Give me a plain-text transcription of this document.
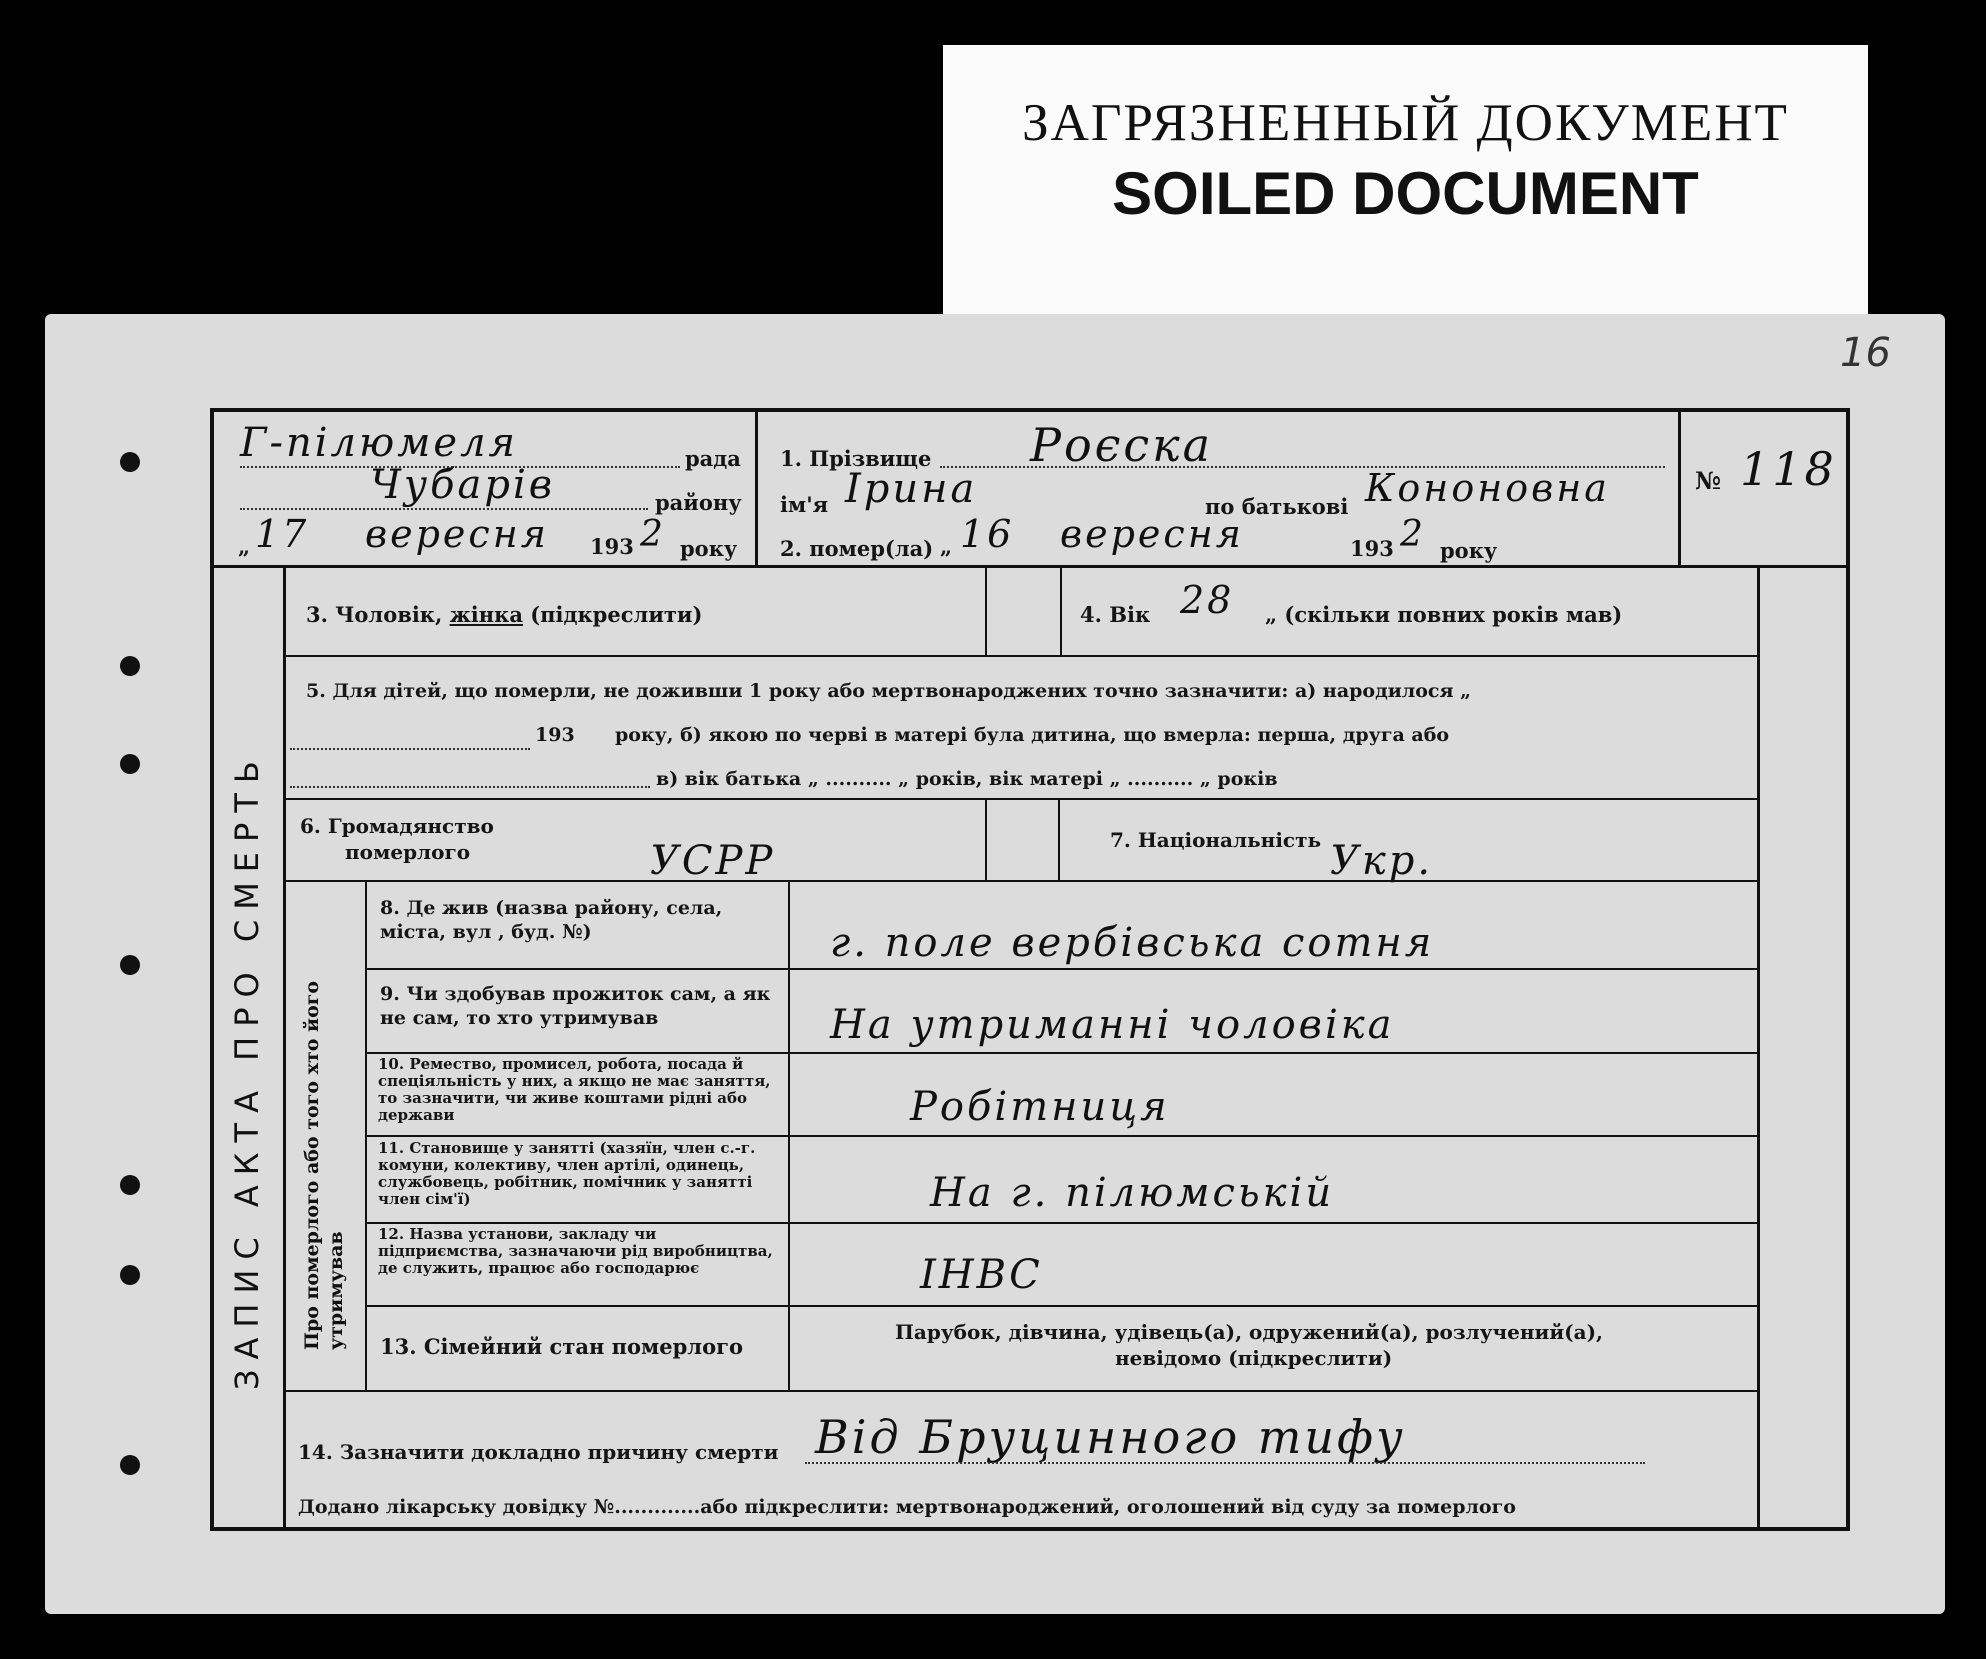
ЗАГРЯЗНЕННЫЙ ДОКУМЕНТ
SOILED DOCUMENT
16
ЗАПИС АКТА ПРО СМЕРТЬ Про померлого або того хто його утримував
Г-пілюмеля	рада
Чубарів	району
„ 17 вересня 193 2 року
1. Прізвище Роєска
ім'я Ірина	по батькові Кононовна
2. помер(ла) „ 16 вересня	193 2 року
№ 118
3. Чоловік, жінка (підкреслити)	4. Вік 28 „ (скільки повних років мав)
5. Для дітей, що померли, не доживши 1 року або мертвонароджених точно зазначити: а) народилося „
193 року, б) якою по черві в матері була дитина, що вмерла: перша, друга або
в) вік батька „ .......... „ років, вік матері „ .......... „ років
6. Громадянство
померлого	УСРР	7. Національність Укр.
8. Де жив (назва району, села, міста, вул , буд. №)	г. поле вербівська сотня
9. Чи здобував прожиток сам, а як не сам, то хто утримував	На утриманні чоловіка
10. Ремество, промисел, робота, посада й спеціяльність у них, а якщо не має заняття, то зазначити, чи живе коштами рідні або держави	Робітниця
11. Становище у занятті (хазяїн, член с.-г. комуни, колективу, член артілі, одинець, службовець, робітник, помічник у занятті член сім'ї)	На г. пілюмській
12. Назва установи, закладу чи підприємства, зазначаючи рід виробництва, де служить, працює або господарює	ІНВС
13. Сімейний стан померлого
Парубок, дівчина, удівець(а), одружений(а), розлучений(а),
невідомо (підкреслити)
14. Зазначити докладно причину смерти Від Бруцинного тифу
Додано лікарську довідку №.............або підкреслити: мертвонароджений, оголошений від суду за померлого
